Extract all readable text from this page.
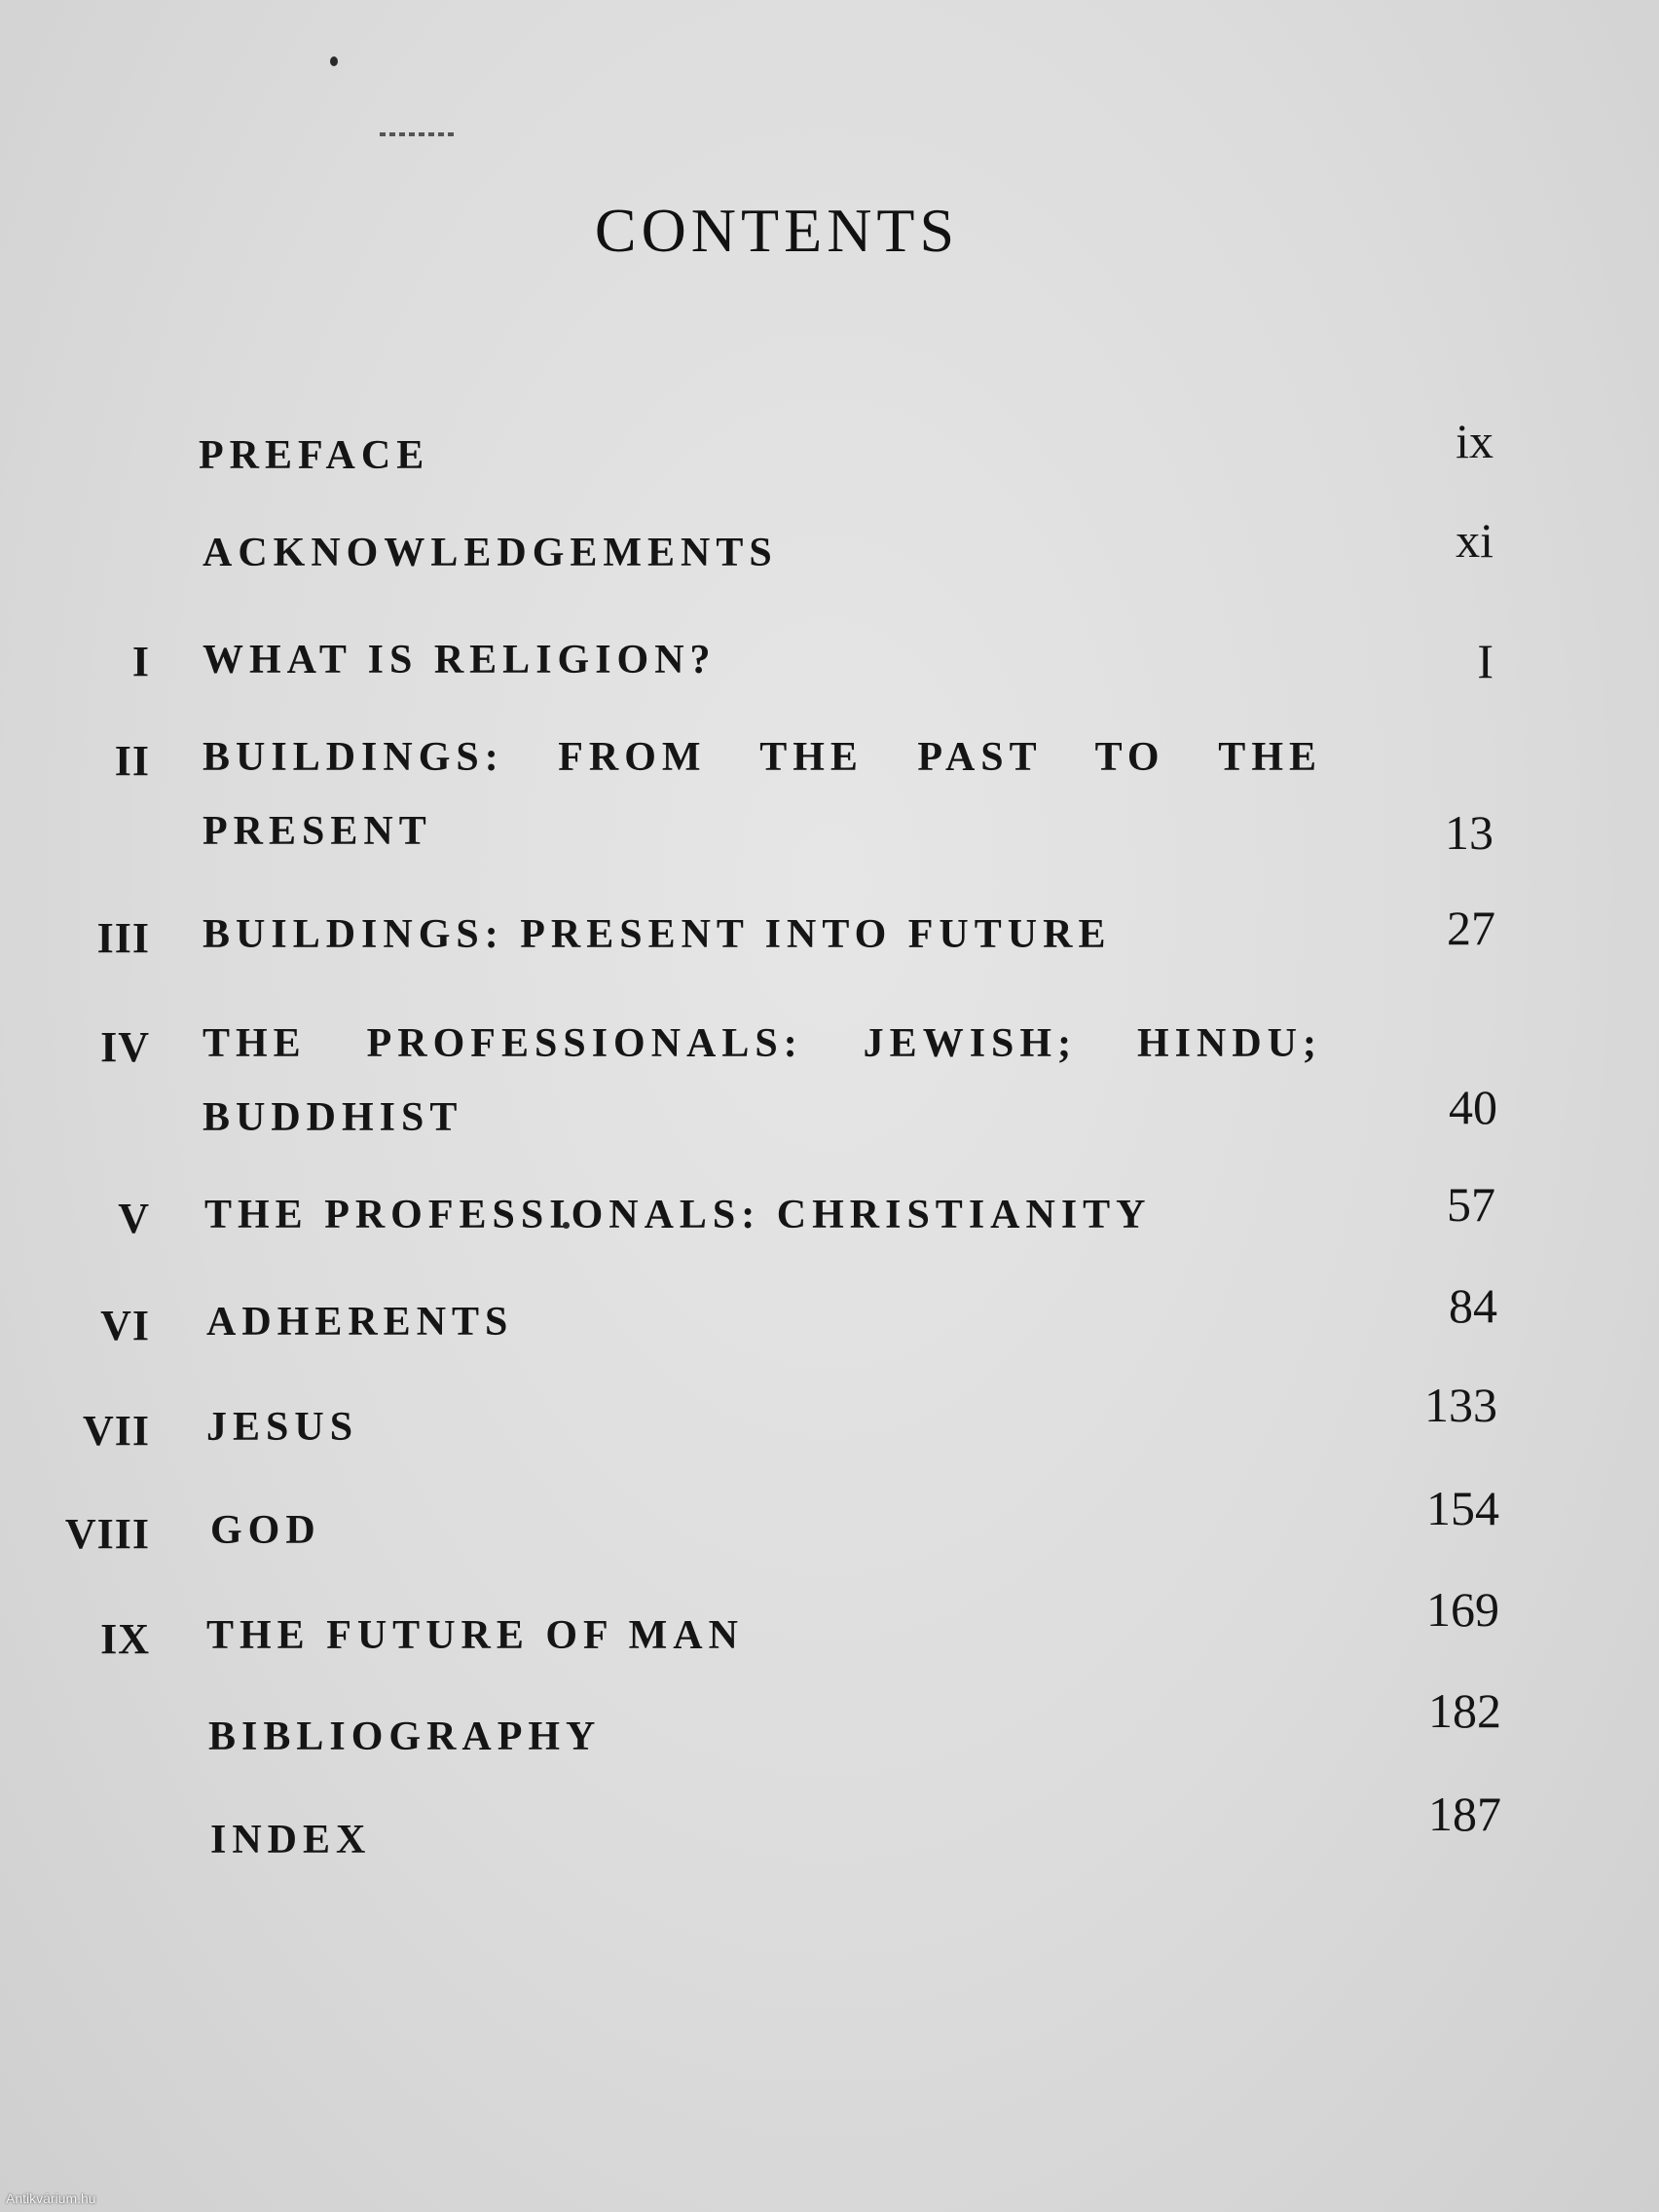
CONTENTS
PREFACE	ix
ACKNOWLEDGEMENTS	xi
I WHAT IS RELIGION?	I
II BUILDINGS: FROM THE PAST TO THE
PRESENT	13
III BUILDINGS: PRESENT INTO FUTURE	27
IV THE PROFESSIONALS: JEWISH; HINDU;
BUDDHIST	40
V THE PROFESSIONALS: CHRISTIANITY	57
VI ADHERENTS	84
VII JESUS	133
VIII GOD	154
IX THE FUTURE OF MAN	169
BIBLIOGRAPHY	182
INDEX	187
Antikvárium.hu
